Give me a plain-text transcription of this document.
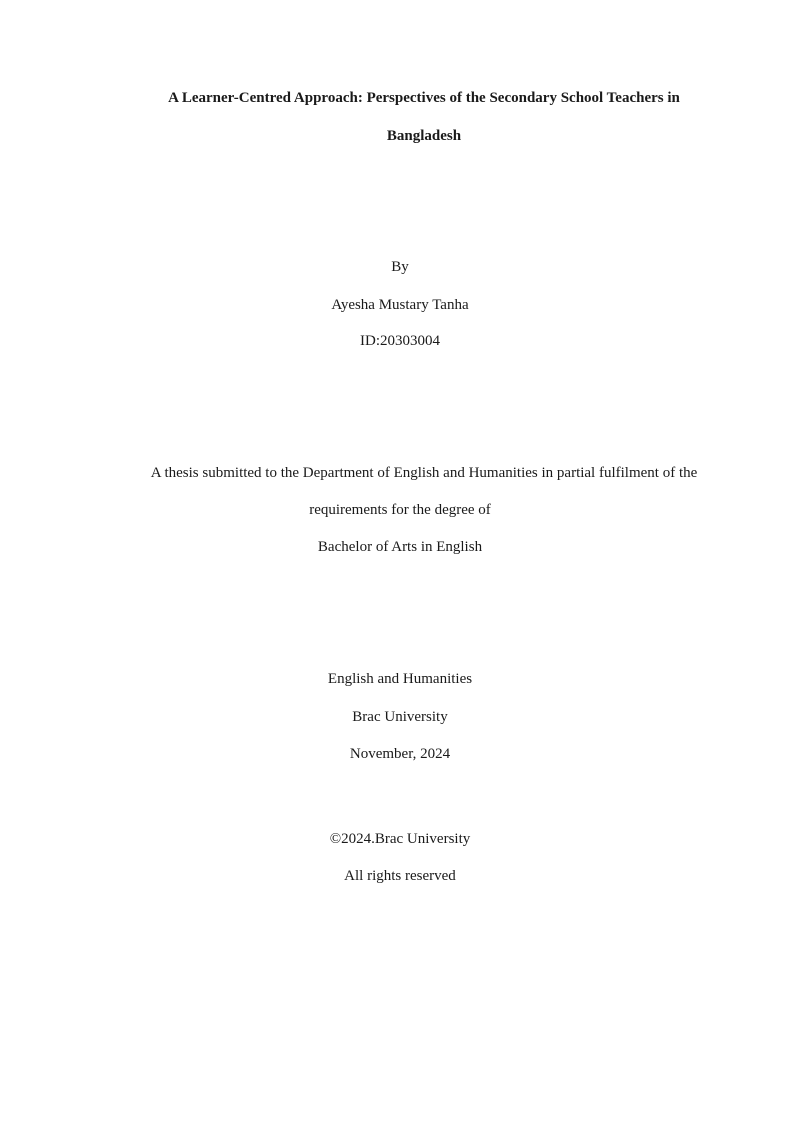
A Learner-Centred Approach: Perspectives of the Secondary School Teachers in
Bangladesh
By
Ayesha Mustary Tanha
ID:20303004
A thesis submitted to the Department of English and Humanities in partial fulfilment of the
requirements for the degree of
Bachelor of Arts in English
English and Humanities
Brac University
November, 2024
©2024.Brac University
All rights reserved
